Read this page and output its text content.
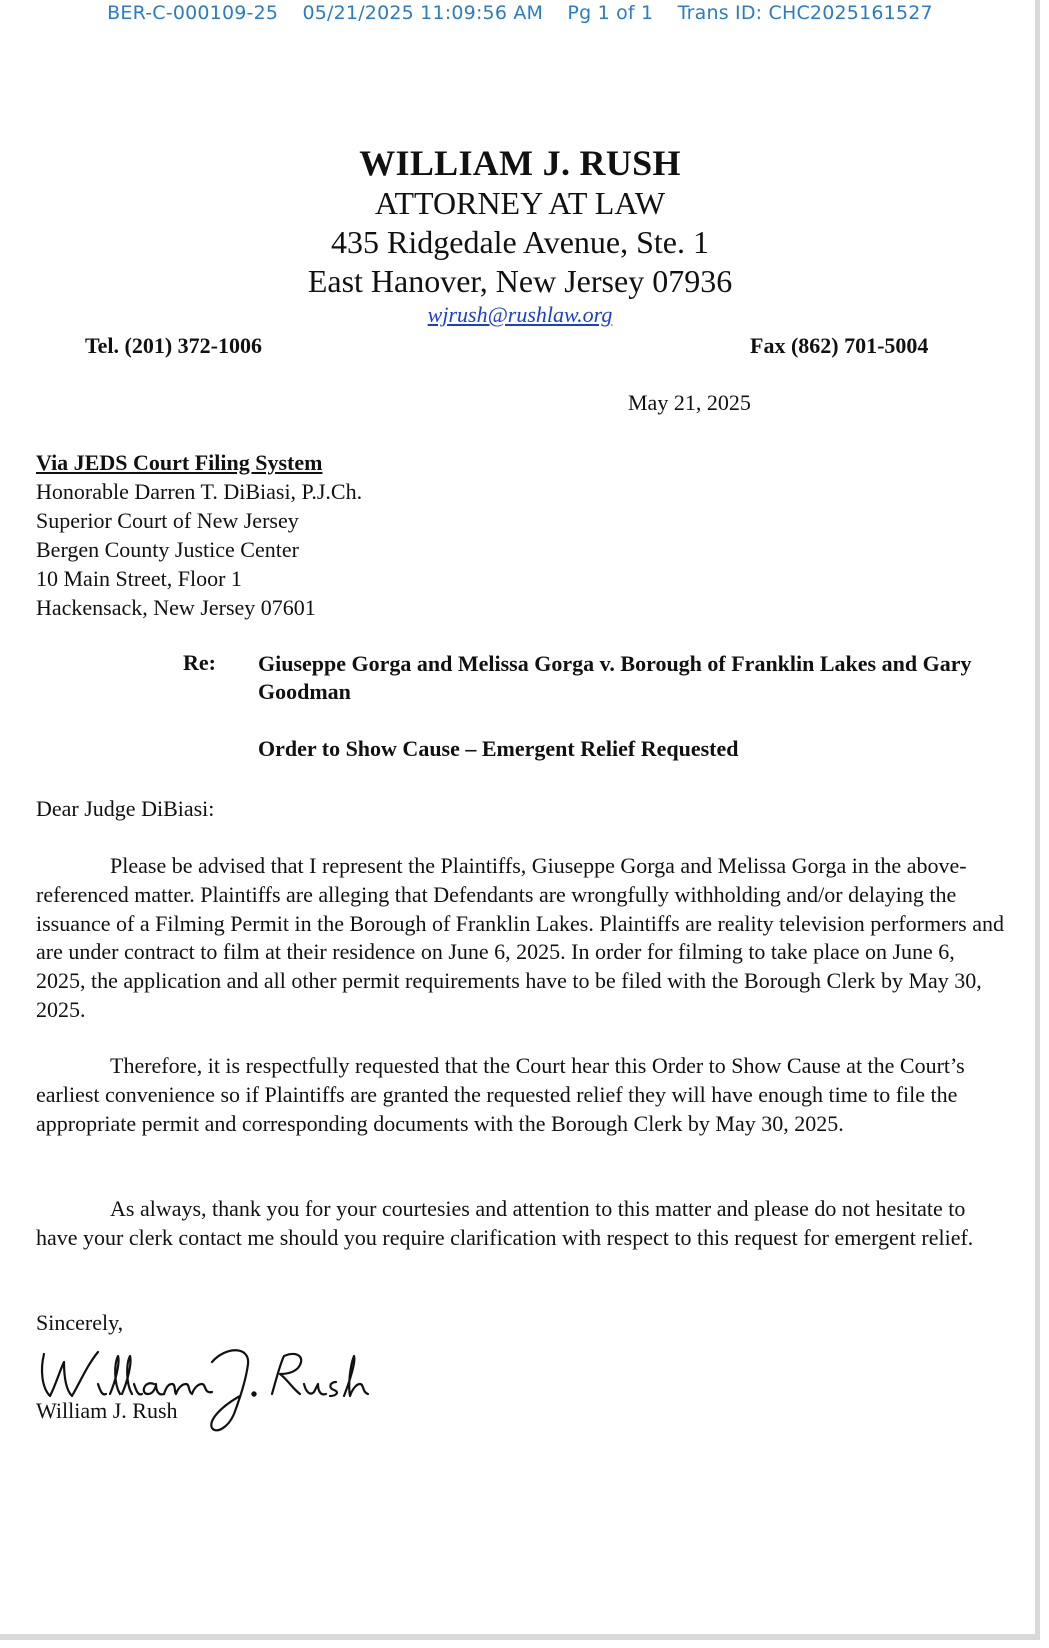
BER-C-000109-25 05/21/2025 11:09:56 AM Pg 1 of 1 Trans ID: CHC2025161527
WILLIAM J. RUSH
ATTORNEY AT LAW
435 Ridgedale Avenue, Ste. 1
East Hanover, New Jersey 07936
wjrush@rushlaw.org
Tel. (201) 372-1006	Fax (862) 701-5004
May 21, 2025
Via JEDS Court Filing System
Honorable Darren T. DiBiasi, P.J.Ch.
Superior Court of New Jersey
Bergen County Justice Center
10 Main Street, Floor 1
Hackensack, New Jersey 07601
Re: Giuseppe Gorga and Melissa Gorga v. Borough of Franklin Lakes and Gary Goodman
Order to Show Cause – Emergent Relief Requested
Dear Judge DiBiasi:
Please be advised that I represent the Plaintiffs, Giuseppe Gorga and Melissa Gorga in the above-referenced matter. Plaintiffs are alleging that Defendants are wrongfully withholding and/or delaying the issuance of a Filming Permit in the Borough of Franklin Lakes. Plaintiffs are reality television performers and are under contract to film at their residence on June 6, 2025. In order for filming to take place on June 6, 2025, the application and all other permit requirements have to be filed with the Borough Clerk by May 30, 2025.
Therefore, it is respectfully requested that the Court hear this Order to Show Cause at the Court’s earliest convenience so if Plaintiffs are granted the requested relief they will have enough time to file the appropriate permit and corresponding documents with the Borough Clerk by May 30, 2025.
As always, thank you for your courtesies and attention to this matter and please do not hesitate to have your clerk contact me should you require clarification with respect to this request for emergent relief.
Sincerely,
William J. Rush
